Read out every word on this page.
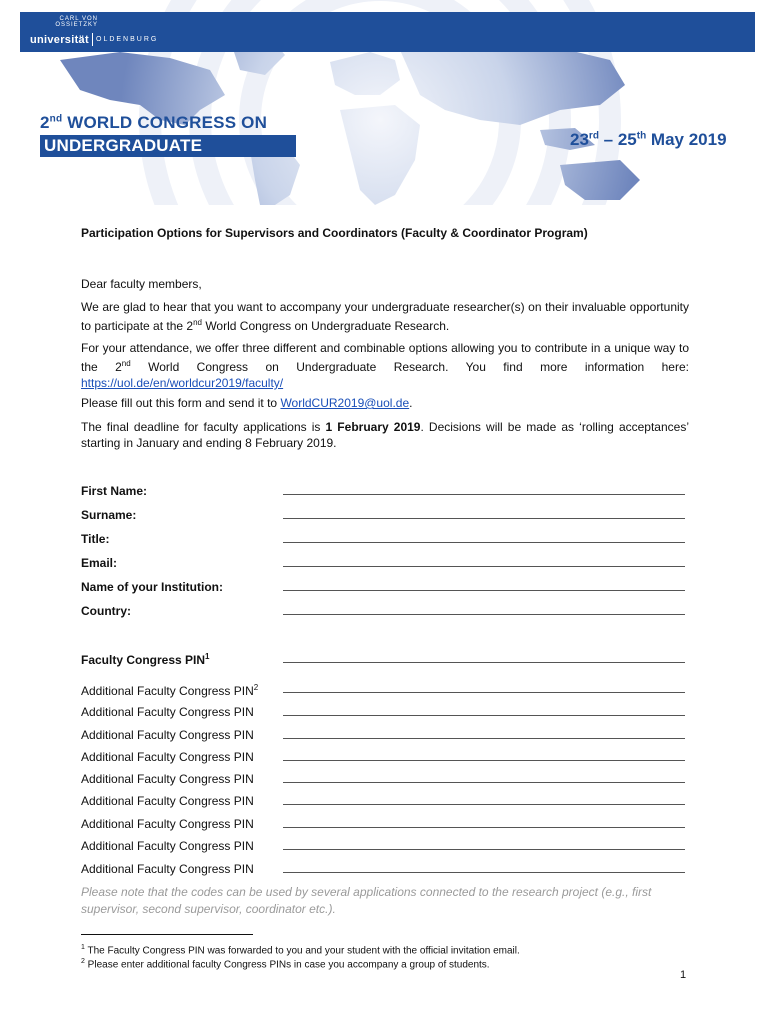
CARL VON OSSIETZKY
universität OLDENBURG
2nd WORLD CONGRESS ON
UNDERGRADUATE RESEARCH
23rd – 25th May 2019
Participation Options for Supervisors and Coordinators (Faculty & Coordinator Program)
Dear faculty members,
We are glad to hear that you want to accompany your undergraduate researcher(s) on their invaluable opportunity to participate at the 2nd World Congress on Undergraduate Research.
For your attendance, we offer three different and combinable options allowing you to contribute in a unique way to the 2nd World Congress on Undergraduate Research. You find more information here: https://uol.de/en/worldcur2019/faculty/
Please fill out this form and send it to WorldCUR2019@uol.de.
The final deadline for faculty applications is 1 February 2019. Decisions will be made as ‘rolling acceptances’ starting in January and ending 8 February 2019.
First Name:
Surname:
Title:
Email:
Name of your Institution:
Country:
Faculty Congress PIN$^1$
Additional Faculty Congress PIN$^2$
Additional Faculty Congress PIN
Additional Faculty Congress PIN
Additional Faculty Congress PIN
Additional Faculty Congress PIN
Additional Faculty Congress PIN
Additional Faculty Congress PIN
Additional Faculty Congress PIN
Additional Faculty Congress PIN
Please note that the codes can be used by several applications connected to the research project (e.g., first supervisor, second supervisor, coordinator etc.).
$^1$ The Faculty Congress PIN was forwarded to you and your student with the official invitation email.
$^2$ Please enter additional faculty Congress PINs in case you accompany a group of students.
1
